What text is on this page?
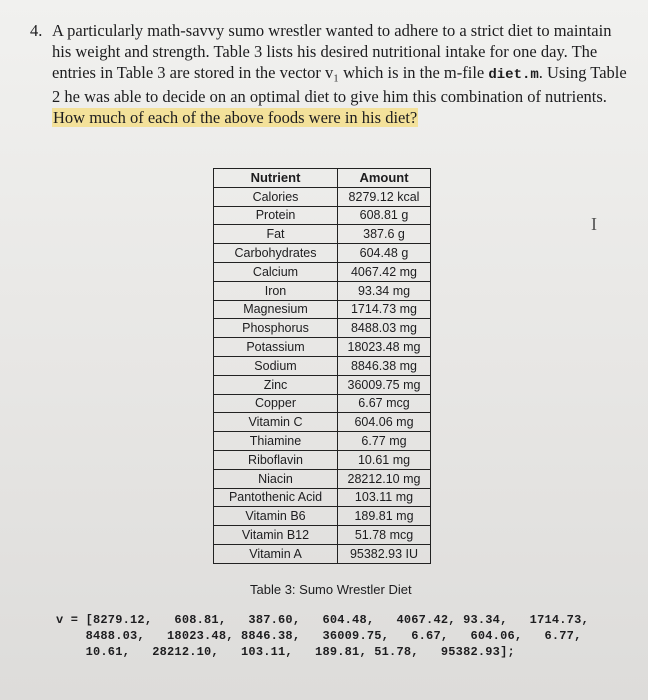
4. A particularly math-savvy sumo wrestler wanted to adhere to a strict diet to maintain his weight and strength. Table 3 lists his desired nutritional intake for one day. The entries in Table 3 are stored in the vector v₁ which is in the m-file diet.m. Using Table 2 he was able to decide on an optimal diet to give him this combination of nutrients. How much of each of the above foods were in his diet?
Nutrient	Amount
Calories	8279.12 kcal
Protein	608.81 g
Fat	387.6 g
Carbohydrates	604.48 g
Calcium	4067.42 mg
Iron	93.34 mg
Magnesium	1714.73 mg
Phosphorus	8488.03 mg
Potassium	18023.48 mg
Sodium	8846.38 mg
Zinc	36009.75 mg
Copper	6.67 mcg
Vitamin C	604.06 mg
Thiamine	6.77 mg
Riboflavin	10.61 mg
Niacin	28212.10 mg
Pantothenic Acid	103.11 mg
Vitamin B6	189.81 mg
Vitamin B12	51.78 mcg
Vitamin A	95382.93 IU
Table 3: Sumo Wrestler Diet
v = [8279.12,   608.81,   387.60,   604.48,   4067.42, 93.34,   1714.73,
8488.03,   18023.48, 8846.38,   36009.75,   6.67,   604.06,   6.77,
10.61,   28212.10,   103.11,   189.81, 51.78,   95382.93];
I
